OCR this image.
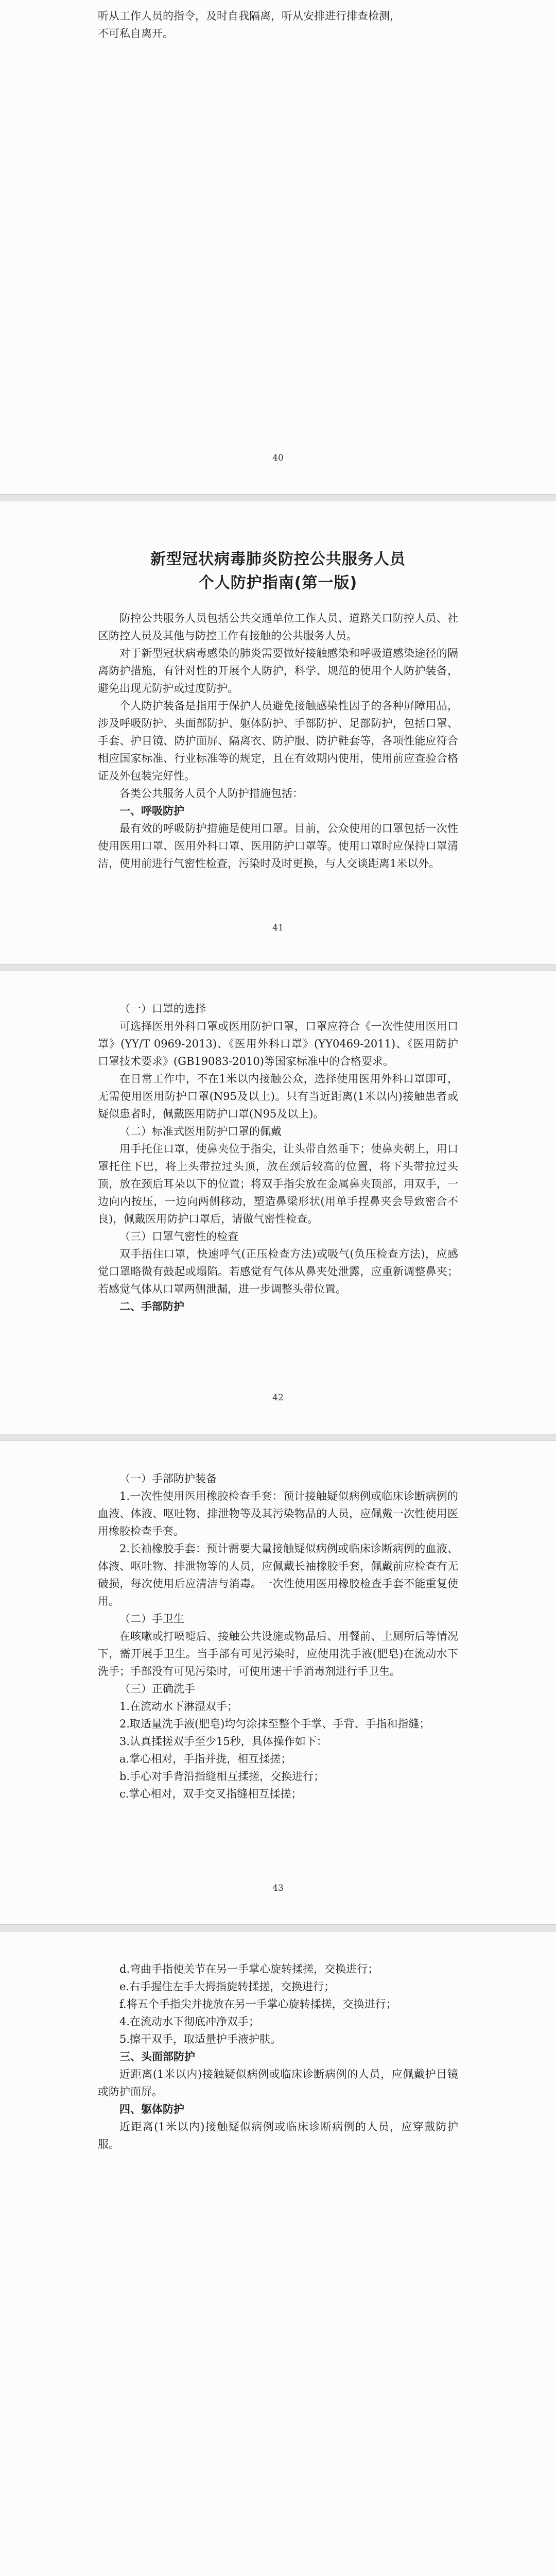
听从工作人员的指令，及时自我隔离，听从安排进行排查检测，
不可私自离开。
40
新型冠状病毒肺炎防控公共服务人员
个人防护指南(第一版)

防控公共服务人员包括公共交通单位工作人员、道路关口防控人员、社区防控人员及其他与防控工作有接触的公共服务人员。

对于新型冠状病毒感染的肺炎需要做好接触感染和呼吸道感染途径的隔离防护措施，有针对性的开展个人防护，科学、规范的使用个人防护装备，避免出现无防护或过度防护。

个人防护装备是指用于保护人员避免接触感染性因子的各种屏障用品，涉及呼吸防护、头面部防护、躯体防护、手部防护、足部防护，包括口罩、手套、护目镜、防护面屏、隔离衣、防护服、防护鞋套等，各项性能应符合相应国家标准、行业标准等的规定，且在有效期内使用，使用前应查验合格证及外包装完好性。

各类公共服务人员个人防护措施包括：

一、呼吸防护

最有效的呼吸防护措施是使用口罩。目前，公众使用的口罩包括一次性使用医用口罩、医用外科口罩、医用防护口罩等。使用口罩时应保持口罩清洁，使用前进行气密性检查，污染时及时更换，与人交谈距离1米以外。

41
（一）口罩的选择

可选择医用外科口罩或医用防护口罩，口罩应符合《一次性使用医用口罩》(YY/T 0969-2013)、《医用外科口罩》(YY0469-2011)、《医用防护口罩技术要求》(GB19083-2010)等国家标准中的合格要求。

在日常工作中，不在1米以内接触公众，选择使用医用外科口罩即可，无需使用医用防护口罩(N95及以上)。只有当近距离(1米以内)接触患者或疑似患者时，佩戴医用防护口罩(N95及以上)。

（二）标准式医用防护口罩的佩戴

用手托住口罩，使鼻夹位于指尖，让头带自然垂下；使鼻夹朝上，用口罩托住下巴，将上头带拉过头顶，放在颈后较高的位置，将下头带拉过头顶，放在颈后耳朵以下的位置；将双手指尖放在金属鼻夹顶部，用双手，一边向内按压，一边向两侧移动，塑造鼻梁形状(用单手捏鼻夹会导致密合不良)，佩戴医用防护口罩后，请做气密性检查。

（三）口罩气密性的检查

双手捂住口罩，快速呼气(正压检查方法)或吸气(负压检查方法)，应感觉口罩略微有鼓起或塌陷。若感觉有气体从鼻夹处泄露，应重新调整鼻夹；若感觉气体从口罩两侧泄漏，进一步调整头带位置。

二、手部防护
42
（一）手部防护装备

1.一次性使用医用橡胶检查手套：预计接触疑似病例或临床诊断病例的血液、体液、呕吐物、排泄物等及其污染物品的人员，应佩戴一次性使用医用橡胶检查手套。

2.长袖橡胶手套：预计需要大量接触疑似病例或临床诊断病例的血液、体液、呕吐物、排泄物等的人员，应佩戴长袖橡胶手套，佩戴前应检查有无破损，每次使用后应清洁与消毒。一次性使用医用橡胶检查手套不能重复使用。

（二）手卫生

在咳嗽或打喷嚏后、接触公共设施或物品后、用餐前、上厕所后等情况下，需开展手卫生。当手部有可见污染时，应使用洗手液(肥皂)在流动水下洗手；手部没有可见污染时，可使用速干手消毒剂进行手卫生。

（三）正确洗手

1.在流动水下淋湿双手；

2.取适量洗手液(肥皂)均匀涂抹至整个手掌、手背、手指和指缝；

3.认真揉搓双手至少15秒，具体操作如下：

a.掌心相对，手指并拢，相互揉搓；

b.手心对手背沿指缝相互揉搓，交换进行；

c.掌心相对，双手交叉指缝相互揉搓；

43

d.弯曲手指使关节在另一手掌心旋转揉搓，交换进行；

e.右手握住左手大拇指旋转揉搓，交换进行；

f.将五个手指尖并拢放在另一手掌心旋转揉搓，交换进行；

4.在流动水下彻底冲净双手；

5.擦干双手，取适量护手液护肤。

三、头面部防护

近距离(1米以内)接触疑似病例或临床诊断病例的人员，应佩戴护目镜或防护面屏。

四、躯体防护

近距离(1米以内)接触疑似病例或临床诊断病例的人员，应穿戴防护服。
